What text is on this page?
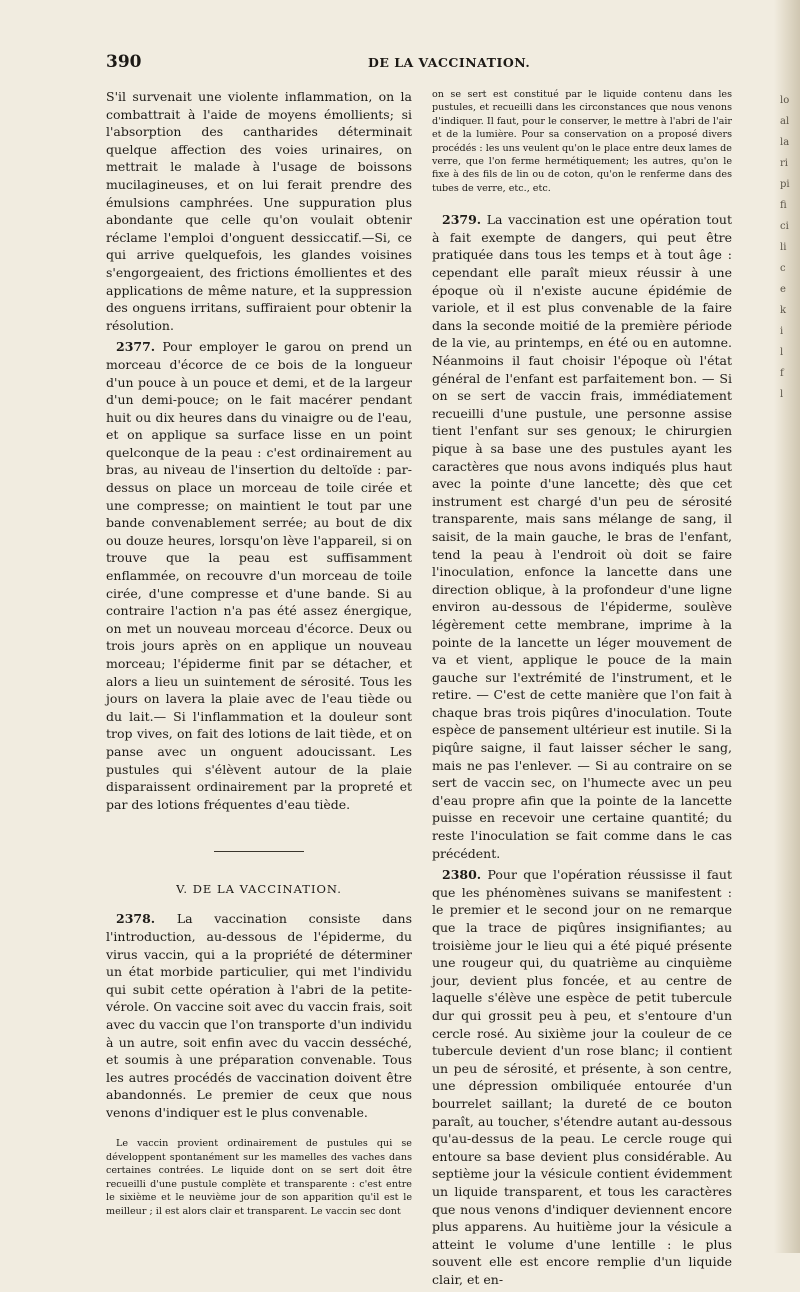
lo
al
la
ri
pi
fi
ci
li
c
e
k
i
l
f
l
390	DE LA VACCINATION.

S'il survenait une violente inflammation, on la combattrait à l'aide de moyens émollients; si l'absorption des cantharides déterminait quelque affection des voies urinaires, on mettrait le malade à l'usage de boissons mucilagineuses, et on lui ferait prendre des émulsions camphrées. Une suppuration plus abondante que celle qu'on voulait obtenir réclame l'emploi d'onguent dessiccatif.—Si, ce qui arrive quelquefois, les glandes voisines s'engorgeaient, des frictions émollientes et des applications de même nature, et la suppression des onguens irritans, suffiraient pour obtenir la résolution.

2377. Pour employer le garou on prend un morceau d'écorce de ce bois de la longueur d'un pouce à un pouce et demi, et de la largeur d'un demi-pouce; on le fait macérer pendant huit ou dix heures dans du vinaigre ou de l'eau, et on applique sa surface lisse en un point quelconque de la peau : c'est ordinairement au bras, au niveau de l'insertion du deltoïde : par-dessus on place un morceau de toile cirée et une compresse; on maintient le tout par une bande convenablement serrée; au bout de dix ou douze heures, lorsqu'on lève l'appareil, si on trouve que la peau est suffisamment enflammée, on recouvre d'un morceau de toile cirée, d'une compresse et d'une bande. Si au contraire l'action n'a pas été assez énergique, on met un nouveau morceau d'écorce. Deux ou trois jours après on en applique un nouveau morceau; l'épiderme finit par se détacher, et alors a lieu un suintement de sérosité. Tous les jours on lavera la plaie avec de l'eau tiède ou du lait.— Si l'inflammation et la douleur sont trop vives, on fait des lotions de lait tiède, et on panse avec un onguent adoucissant. Les pustules qui s'élèvent autour de la plaie disparaissent ordinairement par la propreté et par des lotions fréquentes d'eau tiède.

V. DE LA VACCINATION.

2378. La vaccination consiste dans l'introduction, au-dessous de l'épiderme, du virus vaccin, qui a la propriété de déterminer un état morbide particulier, qui met l'individu qui subit cette opération à l'abri de la petite-vérole. On vaccine soit avec du vaccin frais, soit avec du vaccin que l'on transporte d'un individu à un autre, soit enfin avec du vaccin desséché, et soumis à une préparation convenable. Tous les autres procédés de vaccination doivent être abandonnés. Le premier de ceux que nous venons d'indiquer est le plus convenable.

Le vaccin provient ordinairement de pustules qui se développent spontanément sur les mamelles des vaches dans certaines contrées. Le liquide dont on se sert doit être recueilli d'une pustule complète et transparente : c'est entre le sixième et le neuvième jour de son apparition qu'il est le meilleur ; il est alors clair et transparent. Le vaccin sec dont

on se sert est constitué par le liquide contenu dans les pustules, et recueilli dans les circonstances que nous venons d'indiquer. Il faut, pour le conserver, le mettre à l'abri de l'air et de la lumière. Pour sa conservation on a proposé divers procédés : les uns veulent qu'on le place entre deux lames de verre, que l'on ferme hermétiquement; les autres, qu'on le fixe à des fils de lin ou de coton, qu'on le renferme dans des tubes de verre, etc., etc.

2379. La vaccination est une opération tout à fait exempte de dangers, qui peut être pratiquée dans tous les temps et à tout âge : cependant elle paraît mieux réussir à une époque où il n'existe aucune épidémie de variole, et il est plus convenable de la faire dans la seconde moitié de la première période de la vie, au printemps, en été ou en automne. Néanmoins il faut choisir l'époque où l'état général de l'enfant est parfaitement bon. — Si on se sert de vaccin frais, immédiatement recueilli d'une pustule, une personne assise tient l'enfant sur ses genoux; le chirurgien pique à sa base une des pustules ayant les caractères que nous avons indiqués plus haut avec la pointe d'une lancette; dès que cet instrument est chargé d'un peu de sérosité transparente, mais sans mélange de sang, il saisit, de la main gauche, le bras de l'enfant, tend la peau à l'endroit où doit se faire l'inoculation, enfonce la lancette dans une direction oblique, à la profondeur d'une ligne environ au-dessous de l'épiderme, soulève légèrement cette membrane, imprime à la pointe de la lancette un léger mouvement de va et vient, applique le pouce de la main gauche sur l'extrémité de l'instrument, et le retire. — C'est de cette manière que l'on fait à chaque bras trois piqûres d'inoculation. Toute espèce de pansement ultérieur est inutile. Si la piqûre saigne, il faut laisser sécher le sang, mais ne pas l'enlever. — Si au contraire on se sert de vaccin sec, on l'humecte avec un peu d'eau propre afin que la pointe de la lancette puisse en recevoir une certaine quantité; du reste l'inoculation se fait comme dans le cas précédent.

2380. Pour que l'opération réussisse il faut que les phénomènes suivans se manifestent : le premier et le second jour on ne remarque que la trace de piqûres insignifiantes; au troisième jour le lieu qui a été piqué présente une rougeur qui, du quatrième au cinquième jour, devient plus foncée, et au centre de laquelle s'élève une espèce de petit tubercule dur qui grossit peu à peu, et s'entoure d'un cercle rosé. Au sixième jour la couleur de ce tubercule devient d'un rose blanc; il contient un peu de sérosité, et présente, à son centre, une dépression ombiliquée entourée d'un bourrelet saillant; la dureté de ce bouton paraît, au toucher, s'étendre autant au-dessous qu'au-dessus de la peau. Le cercle rouge qui entoure sa base devient plus considérable. Au septième jour la vésicule contient évidemment un liquide transparent, et tous les caractères que nous venons d'indiquer deviennent encore plus apparens. Au huitième jour la vésicule a atteint le volume d'une lentille : le plus souvent elle est encore remplie d'un liquide clair, et en-
